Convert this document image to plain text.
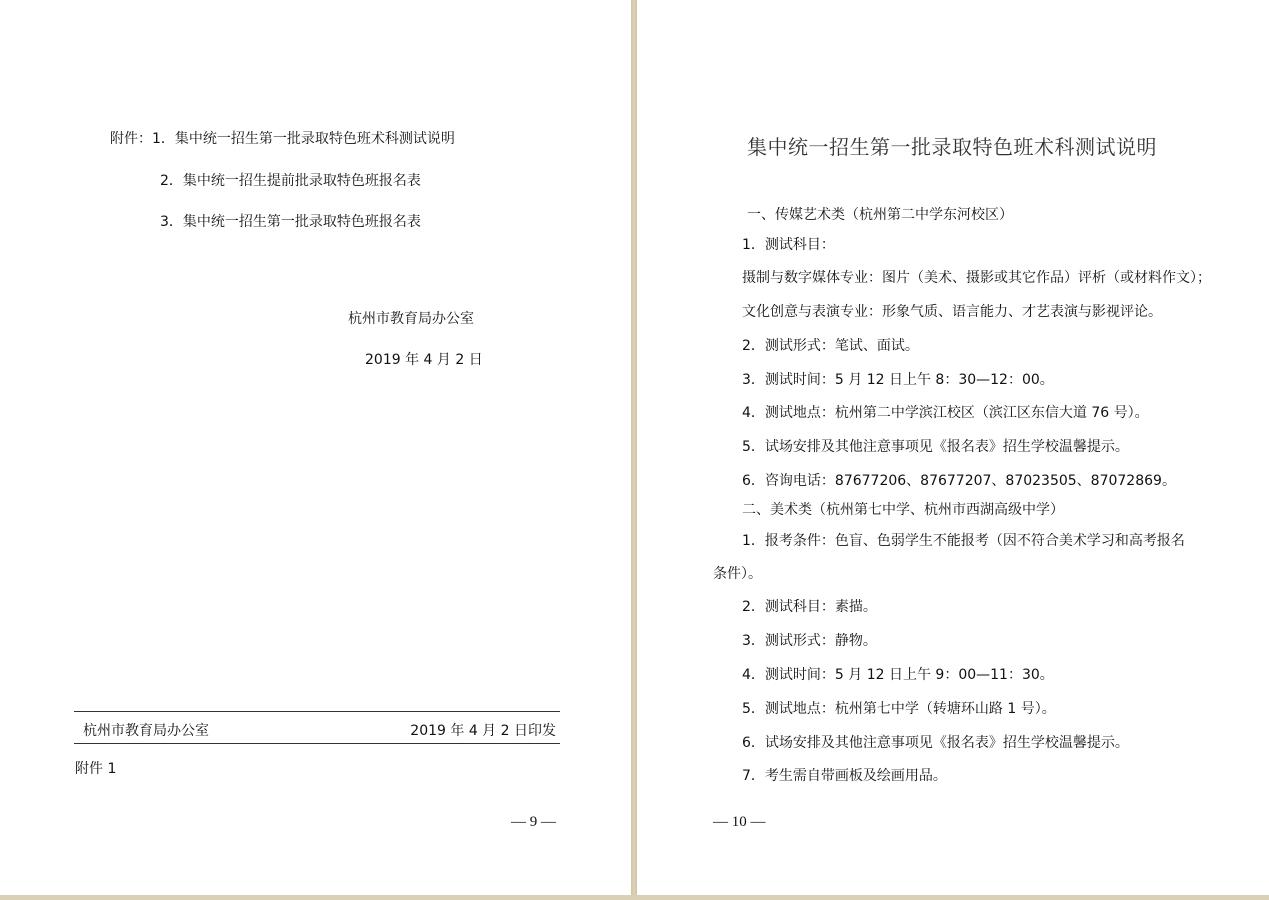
附件：1．集中统一招生第一批录取特色班术科测试说明
2．集中统一招生提前批录取特色班报名表
3．集中统一招生第一批录取特色班报名表
杭州市教育局办公室
2019 年 4 月 2 日
杭州市教育局办公室	2019 年 4 月 2 日印发
附件 1
— 9 —
集中统一招生第一批录取特色班术科测试说明
一、传媒艺术类（杭州第二中学东河校区）
1．测试科目：
摄制与数字媒体专业：图片（美术、摄影或其它作品）评析（或材料作文）；
文化创意与表演专业：形象气质、语言能力、才艺表演与影视评论。
2．测试形式：笔试、面试。
3．测试时间：5 月 12 日上午 8：30—12：00。
4．测试地点：杭州第二中学滨江校区（滨江区东信大道 76 号）。
5．试场安排及其他注意事项见《报名表》招生学校温馨提示。
6．咨询电话：87677206、87677207、87023505、87072869。
二、美术类（杭州第七中学、杭州市西湖高级中学）
1．报考条件：色盲、色弱学生不能报考（因不符合美术学习和高考报名
条件）。
2．测试科目：素描。
3．测试形式：静物。
4．测试时间：5 月 12 日上午 9：00—11：30。
5．测试地点：杭州第七中学（转塘环山路 1 号）。
6．试场安排及其他注意事项见《报名表》招生学校温馨提示。
7．考生需自带画板及绘画用品。
— 10 —
